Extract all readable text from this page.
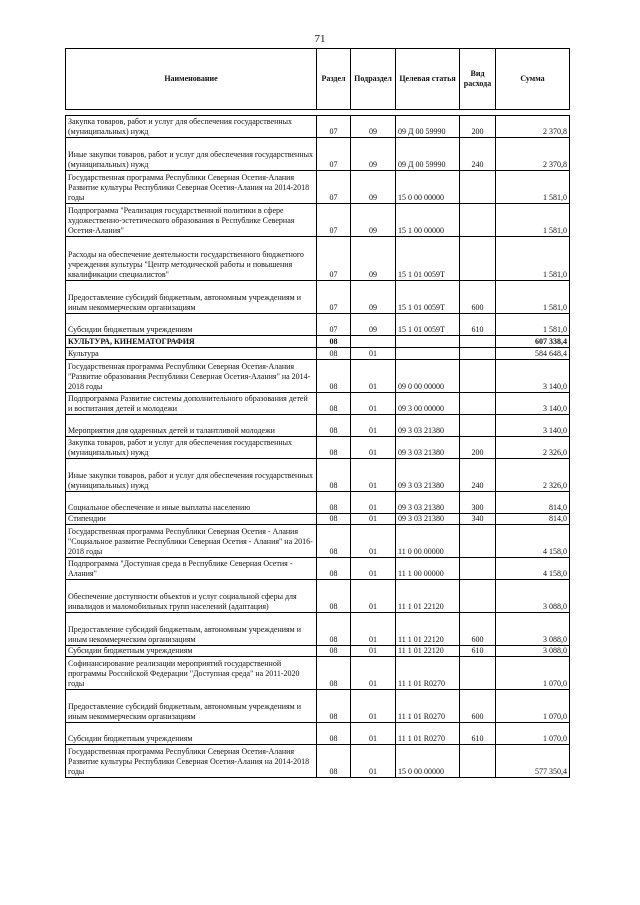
71
Наименование	Раздел	Подраздел	Целевая статья	Вид расхода	Сумма

Закупка товаров, работ и услуг для обеспечения государственных (муниципальных) нужд	07	09	09 Д 00 59990	200	2 370,8
Иные закупки товаров, работ и услуг для обеспечения государственных (муниципальных) нужд	07	09	09 Д 00 59990	240	2 370,8
Государственная программа Республики Северная Осетия-Алания Развитие культуры Республики Северная Осетия-Алания на 2014-2018 годы	07	09	15 0 00 00000		1 581,0
Подпрограмма "Реализация государственной политики в сфере художественно-эстетического образования в Республике Северная Осетия-Алания"	07	09	15 1 00 00000		1 581,0
Расходы на обеспечение деятельности государственного бюджетного учреждения культуры "Центр методической работы и повышения квалификации специалистов"	07	09	15 1 01 0059Т		1 581,0
Предоставление субсидий бюджетным, автономным учреждениям и иным некоммерческим организациям	07	09	15 1 01 0059Т	600	1 581,0
Субсидии бюджетным учреждениям	07	09	15 1 01 0059Т	610	1 581,0
КУЛЬТУРА, КИНЕМАТОГРАФИЯ	08				607 338,4
Культура	08	01			584 648,4
Государственная программа Республики Северная Осетия-Алания "Развитие образования Республики Северная Осетия-Алания" на 2014-2018 годы	08	01	09 0 00 00000		3 140,0
Подпрограмма Развитие системы дополнительного образования детей и воспитания детей и молодежи	08	01	09 3 00 00000		3 140,0
Мероприятия для одаренных детей и талантливой молодежи	08	01	09 3 03 21380		3 140,0
Закупка товаров, работ и услуг для обеспечения государственных (муниципальных) нужд	08	01	09 3 03 21380	200	2 326,0
Иные закупки товаров, работ и услуг для обеспечения государственных (муниципальных) нужд	08	01	09 3 03 21380	240	2 326,0
Социальное обеспечение и иные выплаты населению	08	01	09 3 03 21380	300	814,0
Стипендии	08	01	09 3 03 21380	340	814,0
Государственная программа Республики Северная Осетия - Алания "Социальное развитие Республики Северная Осетия - Алания" на 2016-2018 годы	08	01	11 0 00 00000		4 158,0
Подпрограмма "Доступная среда в Республике Северная Осетия - Алания"	08	01	11 1 00 00000		4 158,0
Обеспечение доступности объектов и услуг социальной сферы для инвалидов и маломобильных групп населений (адаптация)	08	01	11 1 01 22120		3 088,0
Предоставление субсидий бюджетным, автономным учреждениям и иным некоммерческим организациям	08	01	11 1 01 22120	600	3 088,0
Субсидии бюджетным учреждениям	08	01	11 1 01 22120	610	3 088,0
Софинансирование реализации мероприятий государственной программы Российской Федерации "Доступная среда" на 2011-2020 годы	08	01	11 1 01 R0270		1 070,0
Предоставление субсидий бюджетным, автономным учреждениям и иным некоммерческим организациям	08	01	11 1 01 R0270	600	1 070,0
Субсидии бюджетным учреждениям	08	01	11 1 01 R0270	610	1 070,0
Государственная программа Республики Северная Осетия-Алания Развитие культуры Республики Северная Осетия-Алания на 2014-2018 годы	08	01	15 0 00 00000		577 350,4
